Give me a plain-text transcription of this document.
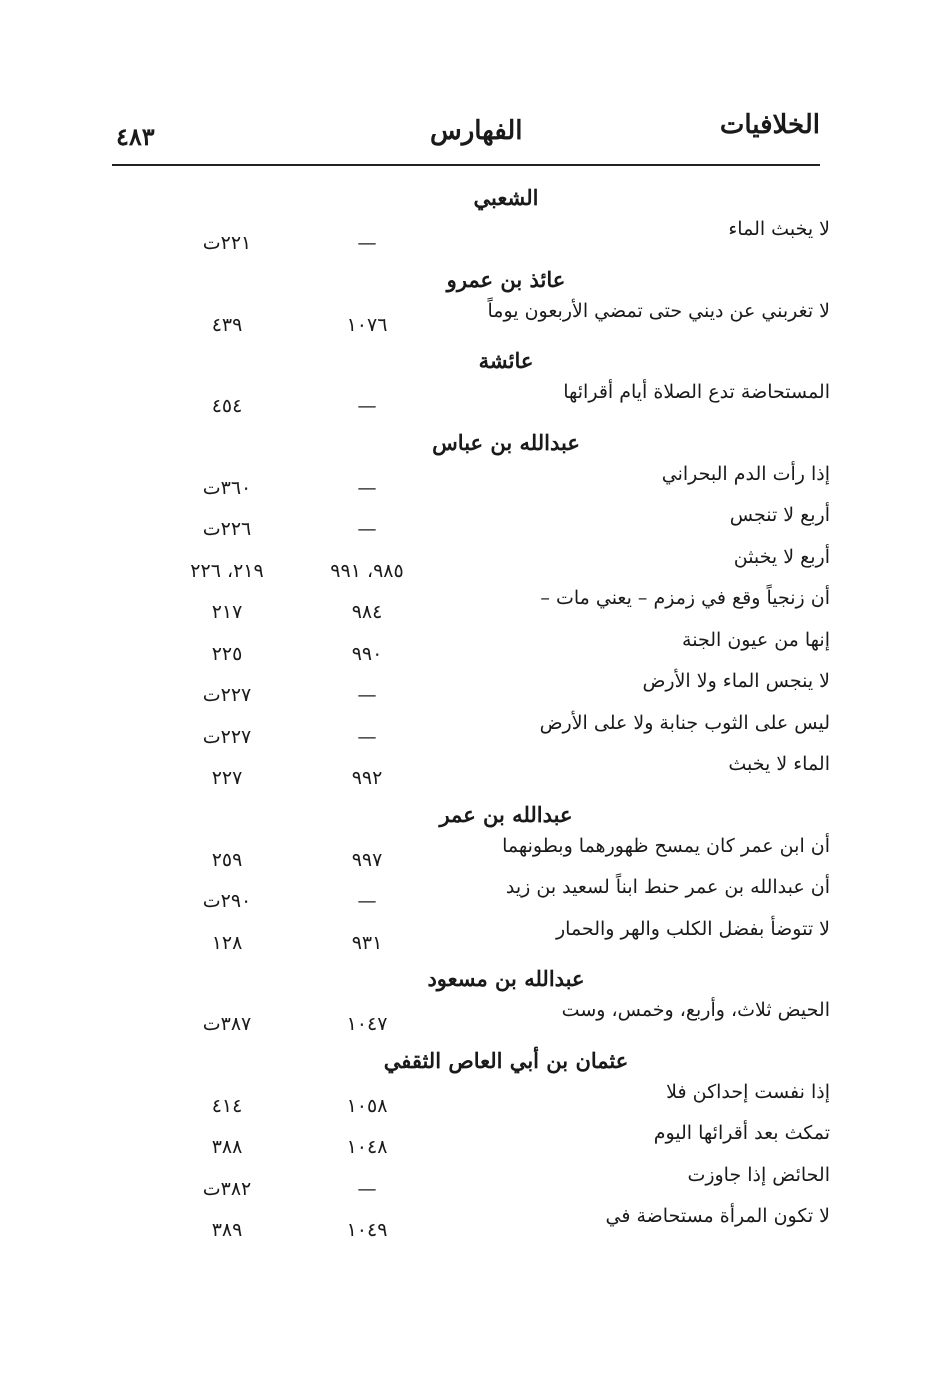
الخلافيات
الفهارس
٤٨٣
الشعبي
لا يخبث الماء
—
٢٢١ت
عائذ بن عمرو
لا تغربني عن ديني حتى تمضي الأربعون يوماً
١٠٧٦
٤٣٩
عائشة
المستحاضة تدع الصلاة أيام أقرائها
—
٤٥٤
عبدالله بن عباس
إذا رأت الدم البحراني
—
٣٦٠ت
أربع لا تنجس
—
٢٢٦ت
أربع لا يخبثن
٩٨٥، ٩٩١
٢١٩، ٢٢٦
أن زنجياً وقع في زمزم – يعني مات –
٩٨٤
٢١٧
إنها من عيون الجنة
٩٩٠
٢٢٥
لا ينجس الماء ولا الأرض
—
٢٢٧ت
ليس على الثوب جنابة ولا على الأرض
—
٢٢٧ت
الماء لا يخبث
٩٩٢
٢٢٧
عبدالله بن عمر
أن ابن عمر كان يمسح ظهورهما وبطونهما
٩٩٧
٢٥٩
أن عبدالله بن عمر حنط ابناً لسعيد بن زيد
—
٢٩٠ت
لا تتوضأ بفضل الكلب والهر والحمار
٩٣١
١٢٨
عبدالله بن مسعود
الحيض ثلاث، وأربع، وخمس، وست
١٠٤٧
٣٨٧ت
عثمان بن أبي العاص الثقفي
إذا نفست إحداكن فلا
١٠٥٨
٤١٤
تمكث بعد أقرائها اليوم
١٠٤٨
٣٨٨
الحائض إذا جاوزت
—
٣٨٢ت
لا تكون المرأة مستحاضة في
١٠٤٩
٣٨٩
